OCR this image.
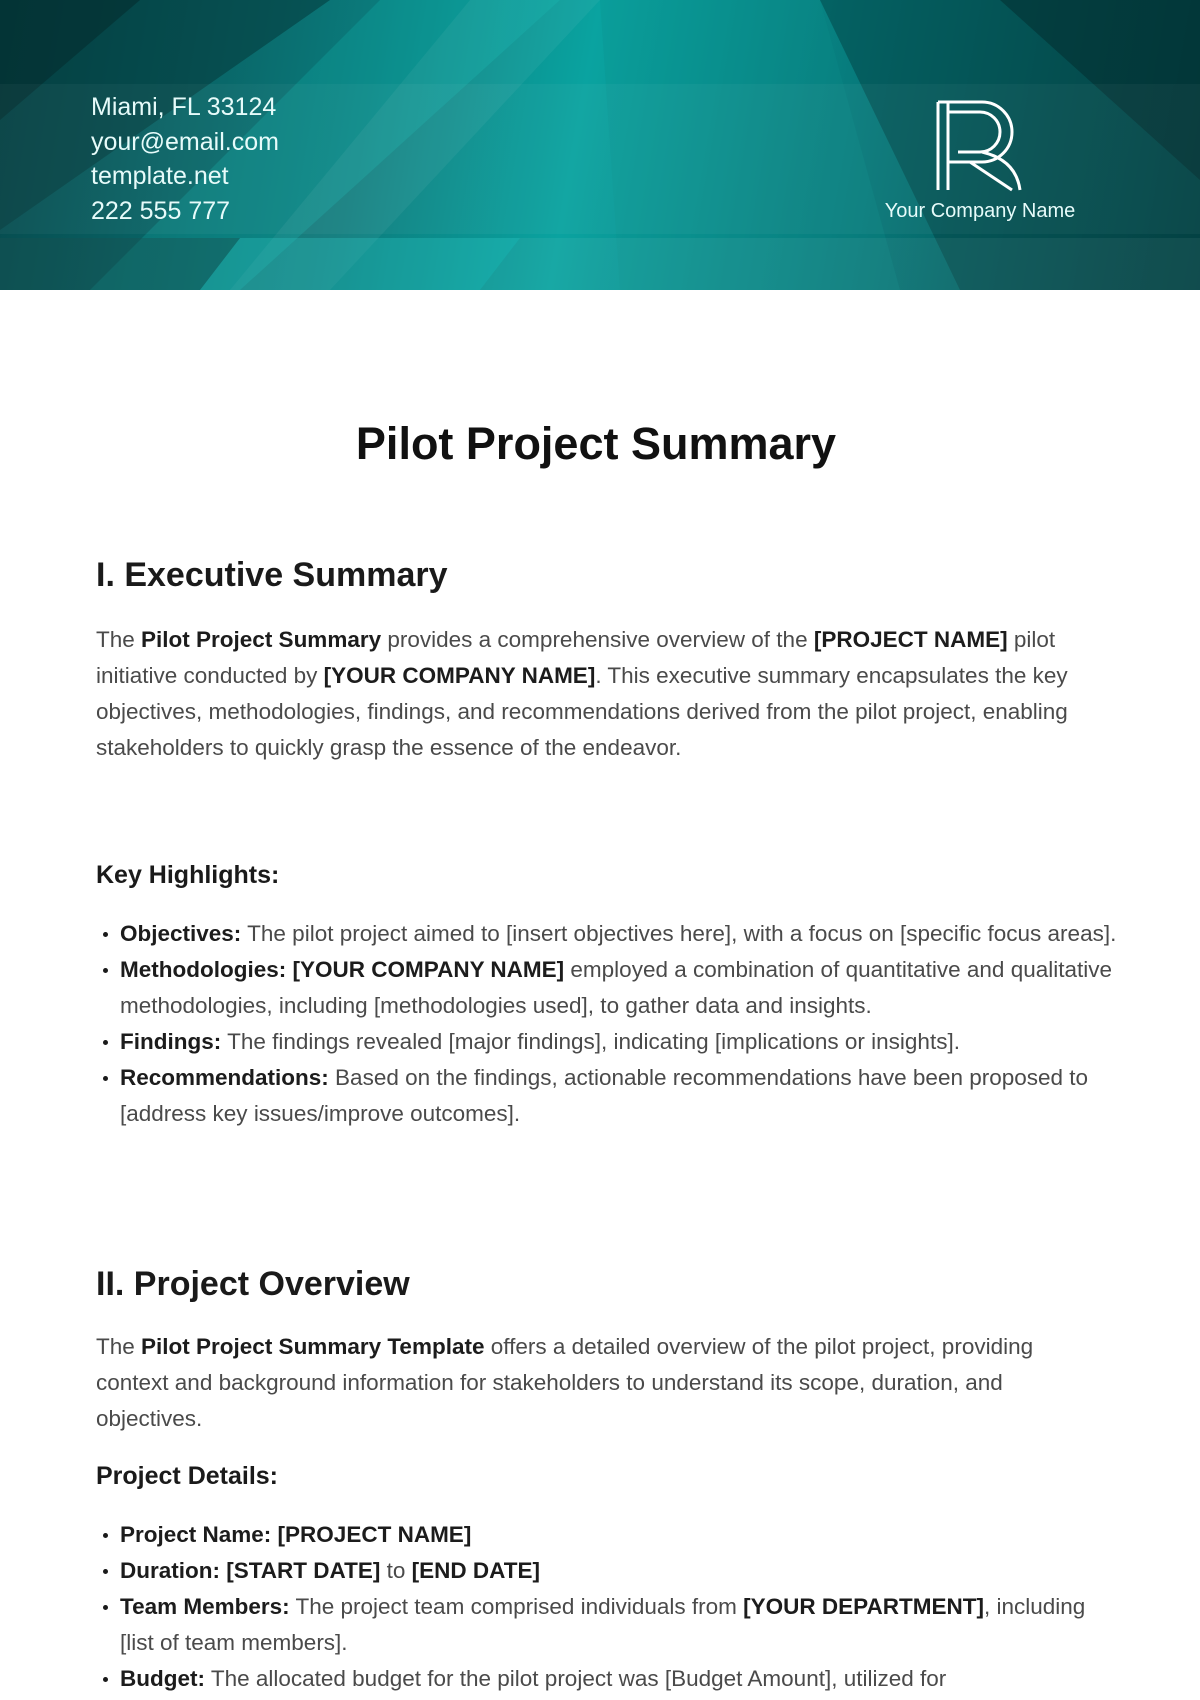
Miami, FL 33124
your@email.com
template.net
222 555 777	Your Company Name
Pilot Project Summary
I. Executive Summary

The Pilot Project Summary provides a comprehensive overview of the [PROJECT NAME] pilot initiative conducted by [YOUR COMPANY NAME]. This executive summary encapsulates the key objectives, methodologies, findings, and recommendations derived from the pilot project, enabling stakeholders to quickly grasp the essence of the endeavor.

Key Highlights:
Objectives: The pilot project aimed to [insert objectives here], with a focus on [specific focus areas].
Methodologies: [YOUR COMPANY NAME] employed a combination of quantitative and qualitative methodologies, including [methodologies used], to gather data and insights.
Findings: The findings revealed [major findings], indicating [implications or insights].
Recommendations: Based on the findings, actionable recommendations have been proposed to [address key issues/improve outcomes].
II. Project Overview

The Pilot Project Summary Template offers a detailed overview of the pilot project, providing context and background information for stakeholders to understand its scope, duration, and objectives.

Project Details:
Project Name: [PROJECT NAME]
Duration: [START DATE] to [END DATE]
Team Members: The project team comprised individuals from [YOUR DEPARTMENT], including [list of team members].
Budget: The allocated budget for the pilot project was [Budget Amount], utilized for
